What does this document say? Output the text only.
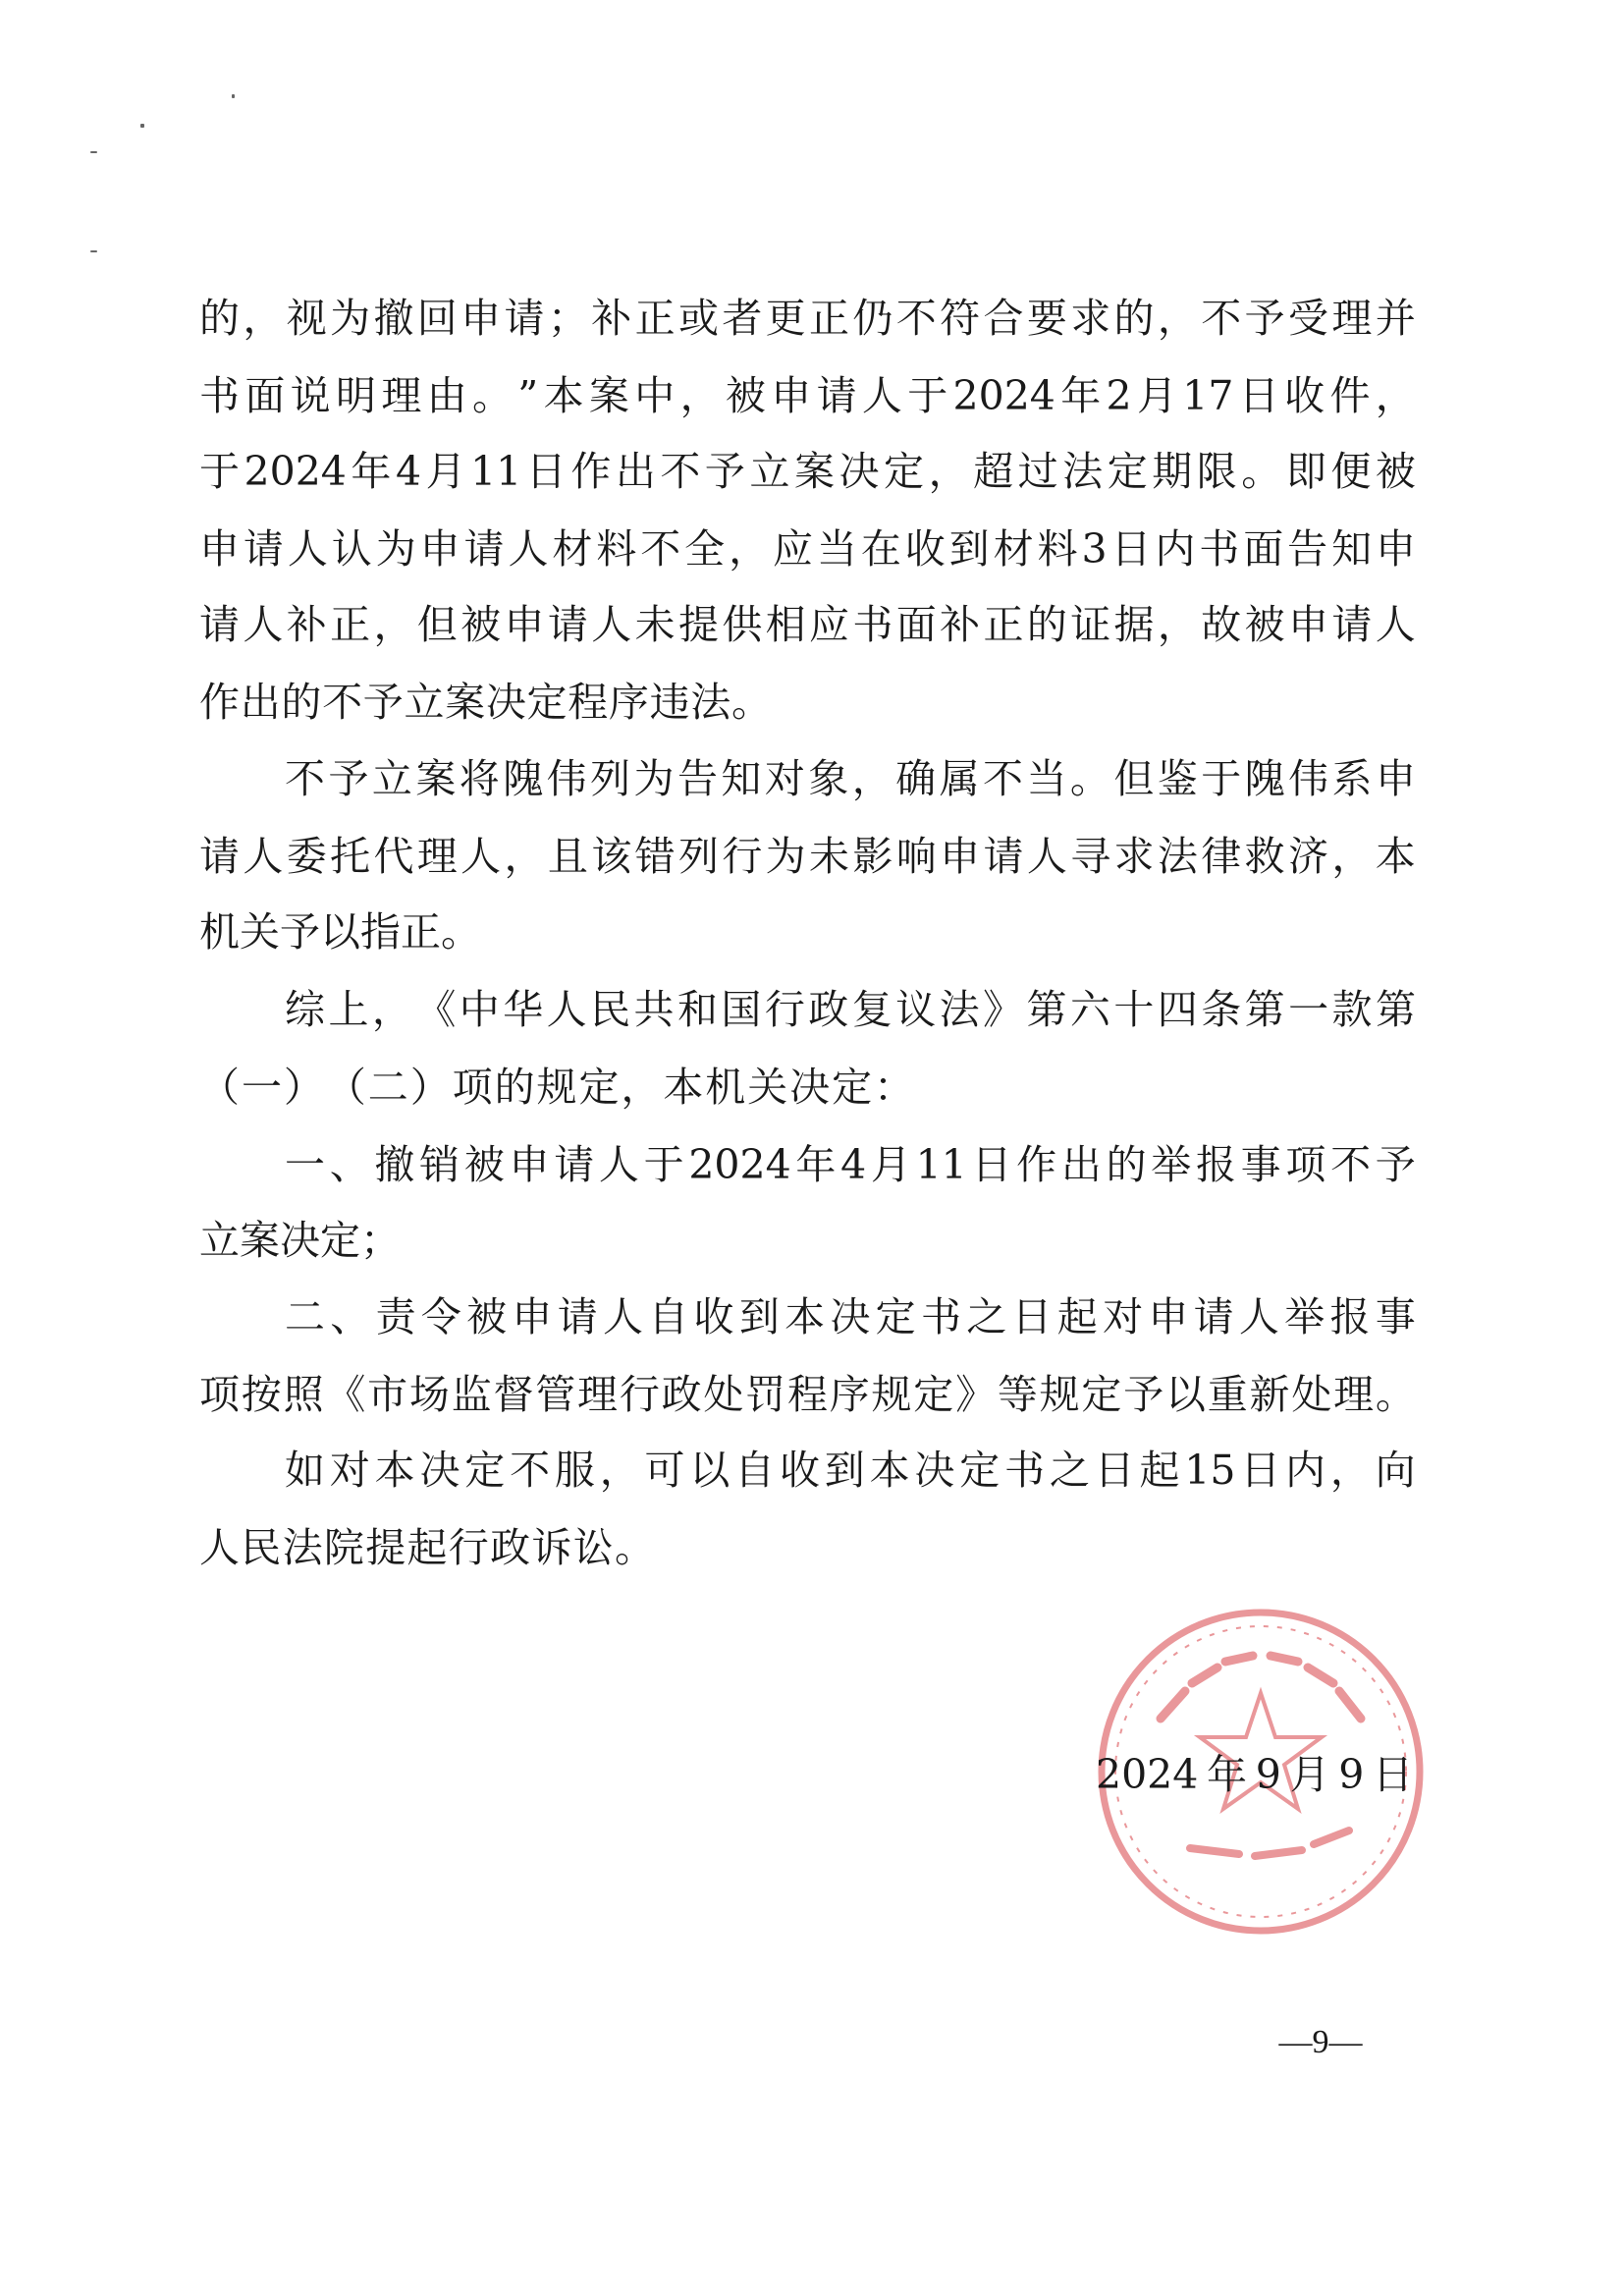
的 ， 视 为 撤 回 申 请 ； 补 正 或 者 更 正 仍 不 符 合 要 求 的 ， 不 予 受 理 并
书 面 说 明 理 由 。 ” 本 案 中 ， 被 申 请 人 于 2024 年 2 月 17 日 收 件 ，
于 2024 年 4 月 11 日 作 出 不 予 立 案 决 定 ， 超 过 法 定 期 限 。 即 便 被
申 请 人 认 为 申 请 人 材 料 不 全 ， 应 当 在 收 到 材 料 3 日 内 书 面 告 知 申
请 人 补 正 ， 但 被 申 请 人 未 提 供 相 应 书 面 补 正 的 证 据 ， 故 被 申 请 人
作 出 的 不 予 立 案 决 定 程 序 违 法 。
不 予 立 案 将 隗 伟 列 为 告 知 对 象 ， 确 属 不 当 。 但 鉴 于 隗 伟 系 申
请 人 委 托 代 理 人 ， 且 该 错 列 行 为 未 影 响 申 请 人 寻 求 法 律 救 济 ， 本
机 关 予 以 指 正 。
综 上 ， 《 中 华 人 民 共 和 国 行 政 复 议 法 》 第 六 十 四 条 第 一 款 第
（ 一 ） （ 二 ） 项 的 规 定 ， 本 机 关 决 定 ：
一 、 撤 销 被 申 请 人 于 2024 年 4 月 11 日 作 出 的 举 报 事 项 不 予
立 案 决 定 ；
二 、 责 令 被 申 请 人 自 收 到 本 决 定 书 之 日 起 对 申 请 人 举 报 事
项 按 照 《 市 场 监 督 管 理 行 政 处 罚 程 序 规 定 》 等 规 定 予 以 重 新 处 理 。
如 对 本 决 定 不 服 ， 可 以 自 收 到 本 决 定 书 之 日 起 15 日 内 ， 向
人 民 法 院 提 起 行 政 诉 讼 。
2024 年 9 月 9 日
—9—
